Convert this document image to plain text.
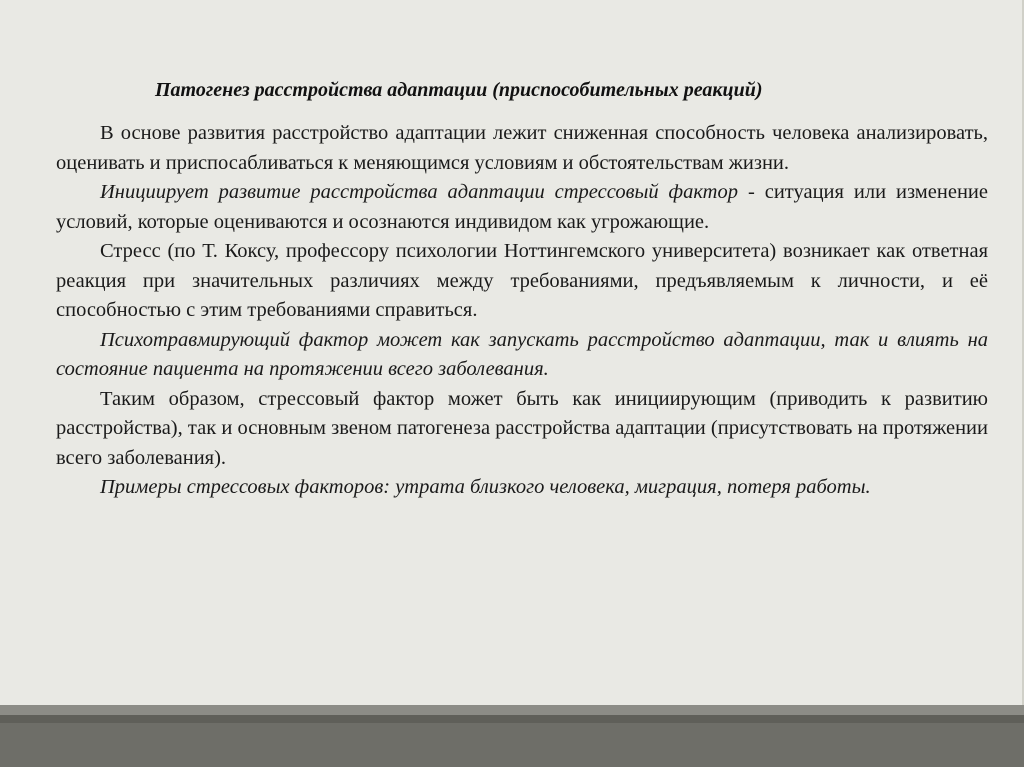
Патогенез расстройства адаптации (приспособительных реакций)

В основе развития расстройство адаптации лежит сниженная способность человека анализировать, оценивать и приспосабливаться к меняющимся условиям и обстоятельствам жизни.

Инициирует развитие расстройства адаптации стрессовый фактор - ситуация или изменение условий, которые оцениваются и осознаются индивидом как угрожающие.

Стресс (по Т. Коксу, профессору психологии Ноттингемского университета) возникает как ответная реакция при значительных различиях между требованиями, предъявляемым к личности, и её способностью с этим требованиями справиться.

Психотравмирующий фактор может как запускать расстройство адаптации, так и влиять на состояние пациента на протяжении всего заболевания.

Таким образом, стрессовый фактор может быть как инициирующим (приводить к развитию расстройства), так и основным звеном патогенеза расстройства адаптации (присутствовать на протяжении всего заболевания).

Примеры стрессовых факторов: утрата близкого человека, миграция, потеря работы.
